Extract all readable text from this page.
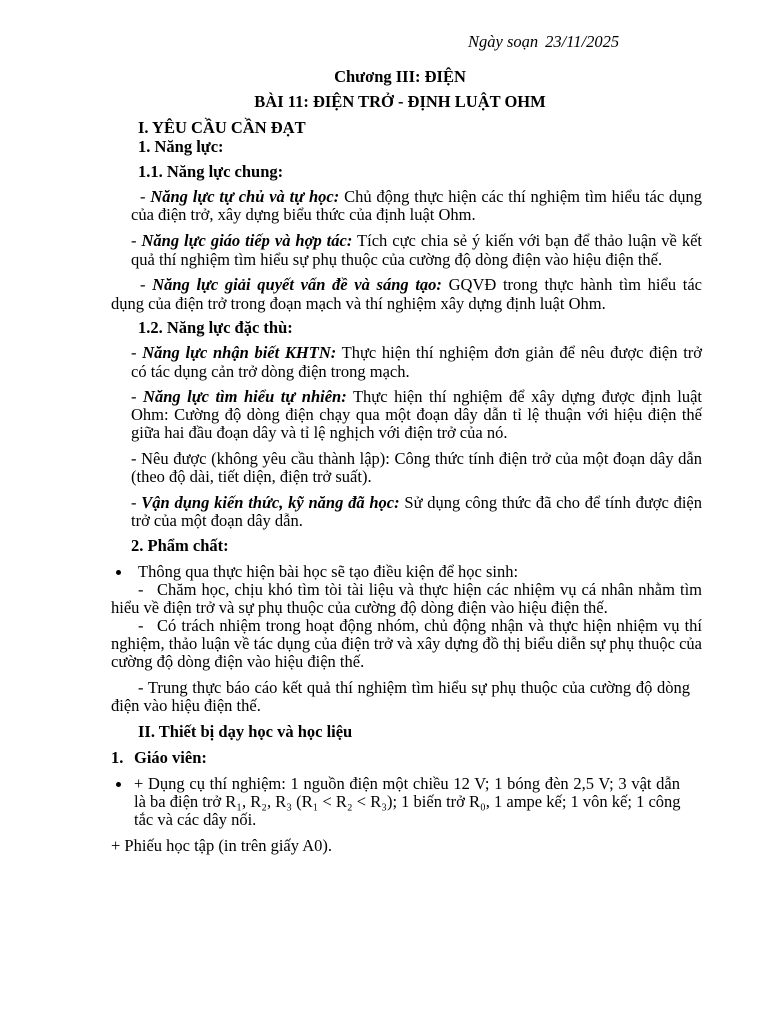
Ngày soạn 23/11/2025
Chương III: ĐIỆN
BÀI 11: ĐIỆN TRỞ - ĐỊNH LUẬT OHM
I. YÊU CẦU CẦN ĐẠT
1. Năng lực:
1.1. Năng lực chung:
- Năng lực tự chủ và tự học: Chủ động thực hiện các thí nghiệm tìm hiểu tác dụng
của điện trở, xây dựng biểu thức của định luật Ohm.
- Năng lực giáo tiếp và hợp tác: Tích cực chia sẻ ý kiến với bạn để thảo luận về kết
quả thí nghiệm tìm hiểu sự phụ thuộc của cường độ dòng điện vào hiệu điện thế.
- Năng lực giải quyết vấn đề và sáng tạo: GQVĐ trong thực hành tìm hiểu tác
dụng của điện trở trong đoạn mạch và thí nghiệm xây dựng định luật Ohm.
1.2. Năng lực đặc thù:
- Năng lực nhận biết KHTN: Thực hiện thí nghiệm đơn giản để nêu được điện trở
có tác dụng cản trở dòng điện trong mạch.
- Năng lực tìm hiểu tự nhiên: Thực hiện thí nghiệm để xây dựng được định luật
Ohm: Cường độ dòng điện chạy qua một đoạn dây dẫn tỉ lệ thuận với hiệu điện thế
giữa hai đầu đoạn dây và tỉ lệ nghịch với điện trở của nó.
- Nêu được (không yêu cầu thành lập): Công thức tính điện trở của một đoạn dây dẫn
(theo độ dài, tiết diện, điện trở suất).
- Vận dụng kiến thức, kỹ năng đã học: Sử dụng công thức đã cho để tính được điện
trở của một đoạn dây dẫn.
2. Phẩm chất:
Thông qua thực hiện bài học sẽ tạo điều kiện để học sinh:
- Chăm học, chịu khó tìm tòi tài liệu và thực hiện các nhiệm vụ cá nhân nhằm tìm
hiểu về điện trở và sự phụ thuộc của cường độ dòng điện vào hiệu điện thế.
- Có trách nhiệm trong hoạt động nhóm, chủ động nhận và thực hiện nhiệm vụ thí
nghiệm, thảo luận về tác dụng của điện trở và xây dựng đồ thị biểu diễn sự phụ thuộc của
cường độ dòng điện vào hiệu điện thế.
- Trung thực báo cáo kết quả thí nghiệm tìm hiểu sự phụ thuộc của cường độ dòng
điện vào hiệu điện thế.
II. Thiết bị dạy học và học liệu
1. Giáo viên:
+ Dụng cụ thí nghiệm: 1 nguồn điện một chiều 12 V; 1 bóng đèn 2,5 V; 3 vật dẫn
là ba điện trở R₁, R₂, R₃ (R₁ < R₂ < R₃); 1 biến trở R₀, 1 ampe kế; 1 vôn kế; 1 công
tắc và các dây nối.
+ Phiếu học tập (in trên giấy A0).
